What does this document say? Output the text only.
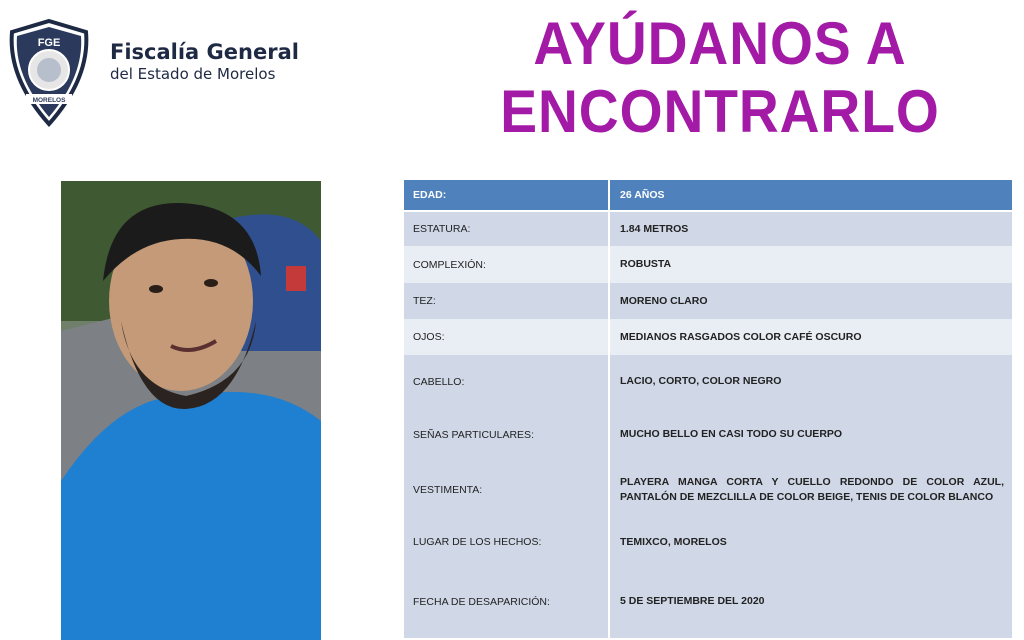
FGE
MORELOS
Fiscalía General
del Estado de Morelos	AYÚDANOS A
ENCONTRARLO
EDAD:	26 AÑOS
ESTATURA:	1.84 METROS
COMPLEXIÓN:	ROBUSTA
TEZ:	MORENO CLARO
OJOS:	MEDIANOS RASGADOS COLOR CAFÉ OSCURO
CABELLO:	LACIO, CORTO, COLOR NEGRO
SEÑAS PARTICULARES:	MUCHO BELLO EN CASI TODO SU CUERPO
VESTIMENTA:
PLAYERA MANGA CORTA Y CUELLO REDONDO DE COLOR AZUL, PANTALÓN DE MEZCLILLA DE COLOR BEIGE, TENIS DE COLOR BLANCO
LUGAR DE LOS HECHOS:	TEMIXCO, MORELOS
FECHA DE DESAPARICIÓN:	5 DE SEPTIEMBRE DEL 2020
